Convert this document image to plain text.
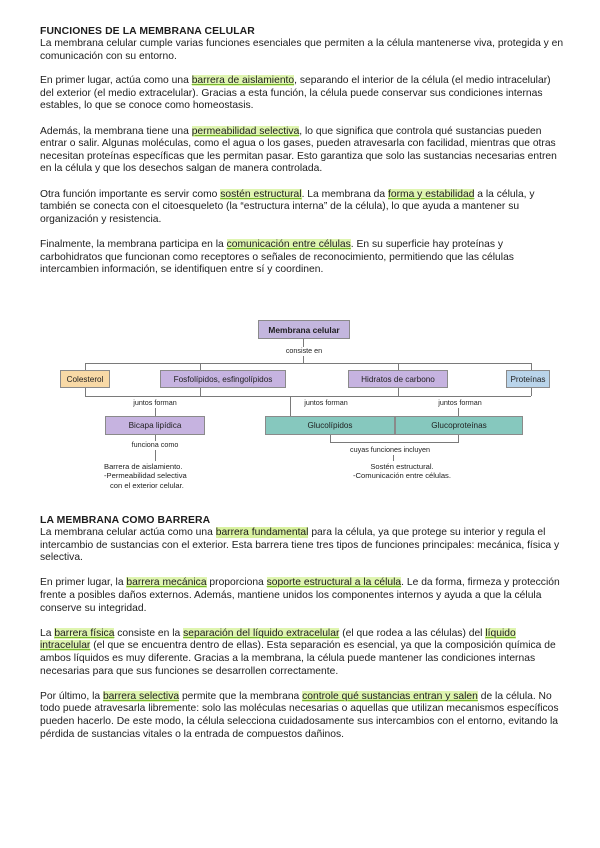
FUNCIONES DE LA MEMBRANA CELULAR

La membrana celular cumple varias funciones esenciales que permiten a la célula mantenerse viva, protegida y en comunicación con su entorno.

En primer lugar, actúa como una barrera de aislamiento, separando el interior de la célula (el medio intracelular) del exterior (el medio extracelular). Gracias a esta función, la célula puede conservar sus condiciones internas estables, lo que se conoce como homeostasis.

Además, la membrana tiene una permeabilidad selectiva, lo que significa que controla qué sustancias pueden entrar o salir. Algunas moléculas, como el agua o los gases, pueden atravesarla con facilidad, mientras que otras necesitan proteínas específicas que les permitan pasar. Esto garantiza que solo las sustancias necesarias entren en la célula y que los desechos salgan de manera controlada.

Otra función importante es servir como sostén estructural. La membrana da forma y estabilidad a la célula, y también se conecta con el citoesqueleto (la “estructura interna” de la célula), lo que ayuda a mantener su organización y resistencia.

Finalmente, la membrana participa en la comunicación entre células. En su superficie hay proteínas y carbohidratos que funcionan como receptores o señales de reconocimiento, permitiendo que las células intercambien información, se identifiquen entre sí y coordinen.

Membrana celular
consiste en
Colesterol	Fosfolípidos, esfingolípidos	Hidratos de carbono	Proteínas
juntos forman	juntos forman	juntos forman
Bicapa lipídica	Glucolípidos	Glucoproteínas
funciona como
Barrera de aislamiento.
-Permeabilidad selectiva
con el exterior celular.
cuyas funciones incluyen
Sostén estructural.
-Comunicación entre células.
LA MEMBRANA COMO BARRERA

La membrana celular actúa como una barrera fundamental para la célula, ya que protege su interior y regula el intercambio de sustancias con el exterior. Esta barrera tiene tres tipos de funciones principales: mecánica, física y selectiva.

En primer lugar, la barrera mecánica proporciona soporte estructural a la célula. Le da forma, firmeza y protección frente a posibles daños externos. Además, mantiene unidos los componentes internos y ayuda a que la célula conserve su integridad.

La barrera física consiste en la separación del líquido extracelular (el que rodea a las células) del líquido intracelular (el que se encuentra dentro de ellas). Esta separación es esencial, ya que la composición química de ambos líquidos es muy diferente. Gracias a la membrana, la célula puede mantener las condiciones internas necesarias para que sus funciones se desarrollen correctamente.

Por último, la barrera selectiva permite que la membrana controle qué sustancias entran y salen de la célula. No todo puede atravesarla libremente: solo las moléculas necesarias o aquellas que utilizan mecanismos específicos pueden hacerlo. De este modo, la célula selecciona cuidadosamente sus intercambios con el entorno, evitando la pérdida de sustancias vitales o la entrada de compuestos dañinos.
